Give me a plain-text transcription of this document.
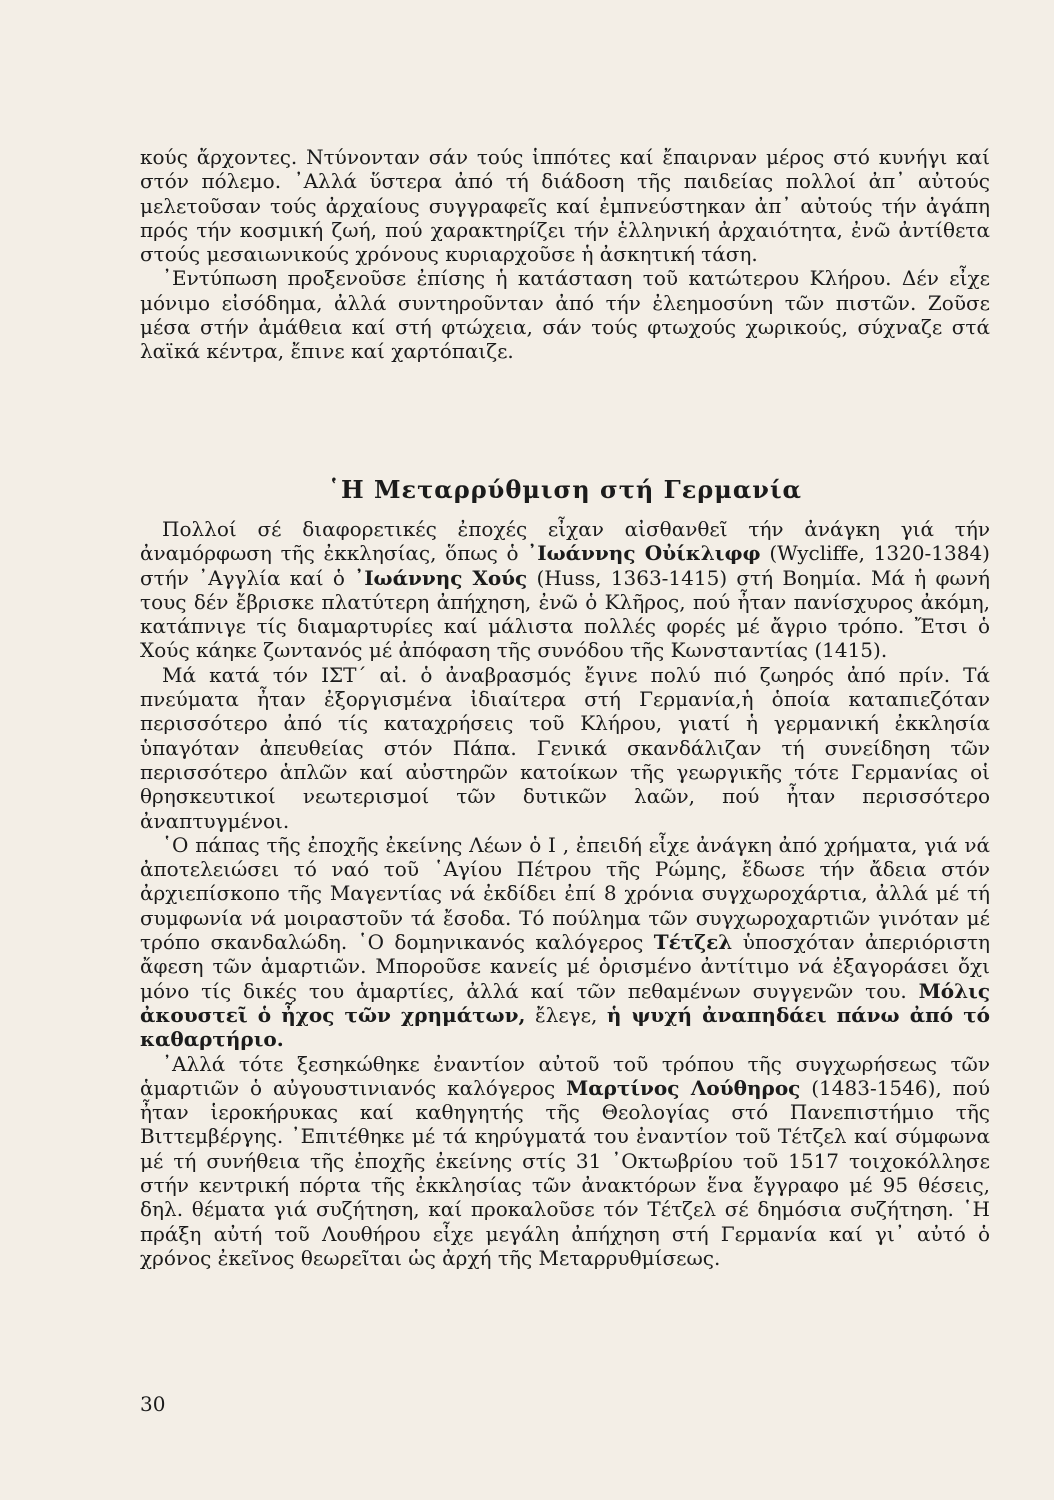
κούς ἄρχοντες. Ντύνονταν σάν τούς ἱππότες καί ἔπαιρναν μέρος στό κυνήγι καί στόν πόλεμο. ᾽Αλλά ὕστερα ἀπό τή διάδοση τῆς παιδείας πολλοί ἀπ᾽ αὐτούς μελετοῦσαν τούς ἀρχαίους συγγραφεῖς καί ἐμπνεύστηκαν ἀπ᾽ αὐτούς τήν ἀγάπη πρός τήν κοσμική ζωή, πού χαρακτηρίζει τήν ἑλληνική ἀρχαιότητα, ἐνῶ ἀντίθετα στούς μεσαιωνικούς χρόνους κυριαρχοῦσε ἡ ἀσκητική τάση.

᾽Εντύπωση προξενοῦσε ἐπίσης ἡ κατάσταση τοῦ κατώτερου Κλήρου. Δέν εἶχε μόνιμο εἰσόδημα, ἀλλά συντηροῦνταν ἀπό τήν ἐλεημοσύνη τῶν πιστῶν. Ζοῦσε μέσα στήν ἀμάθεια καί στή φτώχεια, σάν τούς φτωχούς χωρικούς, σύχναζε στά λαϊκά κέντρα, ἔπινε καί χαρτόπαιζε.

῾Η Μεταρρύθμιση στή Γερμανία

Πολλοί σέ διαφορετικές ἐποχές εἶχαν αἰσθανθεῖ τήν ἀνάγκη γιά τήν ἀναμόρφωση τῆς ἐκκλησίας, ὅπως ὁ ᾽Ιωάννης Οὐίκλιφφ (Wycliffe, 1320-1384) στήν ᾽Αγγλία καί ὁ ᾽Ιωάννης Χούς (Huss, 1363-1415) στή Βοημία. Μά ἡ φωνή τους δέν ἔβρισκε πλατύτερη ἀπήχηση, ἐνῶ ὁ Κλῆρος, πού ἦταν πανίσχυρος ἀκόμη, κατάπνιγε τίς διαμαρτυρίες καί μάλιστα πολλές φορές μέ ἄγριο τρόπο. Ἔτσι ὁ Χούς κάηκε ζωντανός μέ ἀπόφαση τῆς συνόδου τῆς Κωνσταντίας (1415).

Μά κατά τόν ΙΣΤ΄ αἰ. ὁ ἀναβρασμός ἔγινε πολύ πιό ζωηρός ἀπό πρίν. Τά πνεύματα ἦταν ἐξοργισμένα ἰδιαίτερα στή Γερμανία,ἡ ὁποία καταπιεζόταν περισσότερο ἀπό τίς καταχρήσεις τοῦ Κλήρου, γιατί ἡ γερμανική ἐκκλησία ὑπαγόταν ἀπευθείας στόν Πάπα. Γενικά σκανδάλιζαν τή συνείδηση τῶν περισσότερο ἁπλῶν καί αὐστηρῶν κατοίκων τῆς γεωργικῆς τότε Γερμανίας οἱ θρησκευτικοί νεωτερισμοί τῶν δυτικῶν λαῶν, πού ἦταν περισσότερο ἀναπτυγμένοι.

῾Ο πάπας τῆς ἐποχῆς ἐκείνης Λέων ὁ Ι , ἐπειδή εἶχε ἀνάγκη ἀπό χρήματα, γιά νά ἀποτελειώσει τό ναό τοῦ ῾Αγίου Πέτρου τῆς Ρώμης, ἔδωσε τήν ἄδεια στόν ἀρχιεπίσκοπο τῆς Μαγεντίας νά ἐκδίδει ἐπί 8 χρόνια συγχωροχάρτια, ἀλλά μέ τή συμφωνία νά μοιραστοῦν τά ἔσοδα. Τό πούλημα τῶν συγχωροχαρτιῶν γινόταν μέ τρόπο σκανδαλώδη. ῾Ο δομηνικανός καλόγερος Τέτζελ ὑποσχόταν ἀπεριόριστη ἄφεση τῶν ἁμαρτιῶν. Μποροῦσε κανείς μέ ὁρισμένο ἀντίτιμο νά ἐξαγοράσει ὄχι μόνο τίς δικές του ἁμαρτίες, ἀλλά καί τῶν πεθαμένων συγγενῶν του. Μόλις ἀκουστεῖ ὁ ἦχος τῶν χρημάτων, ἔλεγε, ἡ ψυχή ἀναπηδάει πάνω ἀπό τό καθαρτήριο.

᾽Αλλά τότε ξεσηκώθηκε ἐναντίον αὐτοῦ τοῦ τρόπου τῆς συγχωρήσεως τῶν ἁμαρτιῶν ὁ αὐγουστινιανός καλόγερος Μαρτίνος Λούθηρος (1483-1546), πού ἦταν ἱεροκήρυκας καί καθηγητής τῆς Θεολογίας στό Πανεπιστήμιο τῆς Βιττεμβέργης. ᾽Επιτέθηκε μέ τά κηρύγματά του ἐναντίον τοῦ Τέτζελ καί σύμφωνα μέ τή συνήθεια τῆς ἐποχῆς ἐκείνης στίς 31 ᾽Οκτωβρίου τοῦ 1517 τοιχοκόλλησε στήν κεντρική πόρτα τῆς ἐκκλησίας τῶν ἀνακτόρων ἕνα ἔγγραφο μέ 95 θέσεις, δηλ. θέματα γιά συζήτηση, καί προκαλοῦσε τόν Τέτζελ σέ δημόσια συζήτηση. ῾Η πράξη αὐτή τοῦ Λουθήρου εἶχε μεγάλη ἀπήχηση στή Γερμανία καί γι᾽ αὐτό ὁ χρόνος ἐκεῖνος θεωρεῖται ὡς ἀρχή τῆς Μεταρρυθμίσεως.

30
